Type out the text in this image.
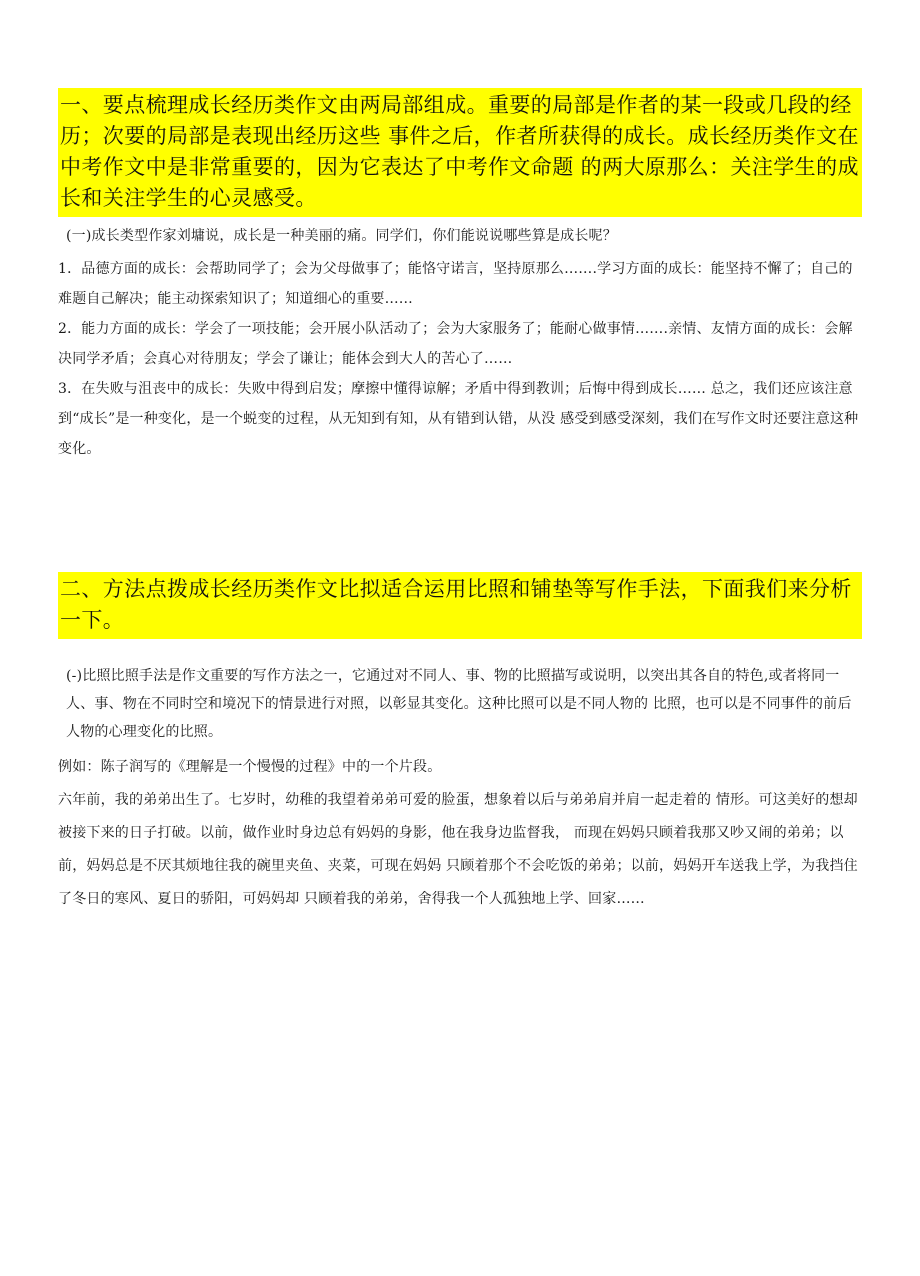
一、要点梳理成长经历类作文由两局部组成。重要的局部是作者的某一段或几段的经历；次要的局部是表现出经历这些 事件之后，作者所获得的成长。成长经历类作文在中考作文中是非常重要的，因为它表达了中考作文命题 的两大原那么：关注学生的成长和关注学生的心灵感受。

(一)成长类型作家刘墉说，成长是一种美丽的痛。同学们，你们能说说哪些算是成长呢？

1．品德方面的成长：会帮助同学了；会为父母做事了；能恪守诺言，坚持原那么…….学习方面的成长：能坚持不懈了；自己的难题自己解决；能主动探索知识了；知道细心的重要……

2．能力方面的成长：学会了一项技能；会开展小队活动了；会为大家服务了；能耐心做事情…….亲情、友情方面的成长：会解决同学矛盾；会真心对待朋友；学会了谦让；能体会到大人的苦心了……

3．在失败与沮丧中的成长：失败中得到启发；摩擦中懂得谅解；矛盾中得到教训；后悔中得到成长…… 总之，我们还应该注意到“成长”是一种变化，是一个蜕变的过程，从无知到有知，从有错到认错，从没 感受到感受深刻，我们在写作文时还要注意这种变化。

二、方法点拨成长经历类作文比拟适合运用比照和铺垫等写作手法，下面我们来分析一下。

(-)比照比照手法是作文重要的写作方法之一，它通过对不同人、事、物的比照描写或说明，以突出其各自的特色,或者将同一人、事、物在不同时空和境况下的情景进行对照，以彰显其变化。这种比照可以是不同人物的 比照，也可以是不同事件的前后人物的心理变化的比照。

例如：陈子润写的《理解是一个慢慢的过程》中的一个片段。

六年前，我的弟弟出生了。七岁时，幼稚的我望着弟弟可爱的脸蛋，想象着以后与弟弟肩并肩一起走着的 情形。可这美好的想却被接下来的日子打破。以前，做作业时身边总有妈妈的身影，他在我身边监督我， 而现在妈妈只顾着我那又吵又闹的弟弟；以前，妈妈总是不厌其烦地往我的碗里夹鱼、夹菜，可现在妈妈 只顾着那个不会吃饭的弟弟；以前，妈妈开车送我上学，为我挡住了冬日的寒风、夏日的骄阳，可妈妈却 只顾着我的弟弟，舍得我一个人孤独地上学、回家……
